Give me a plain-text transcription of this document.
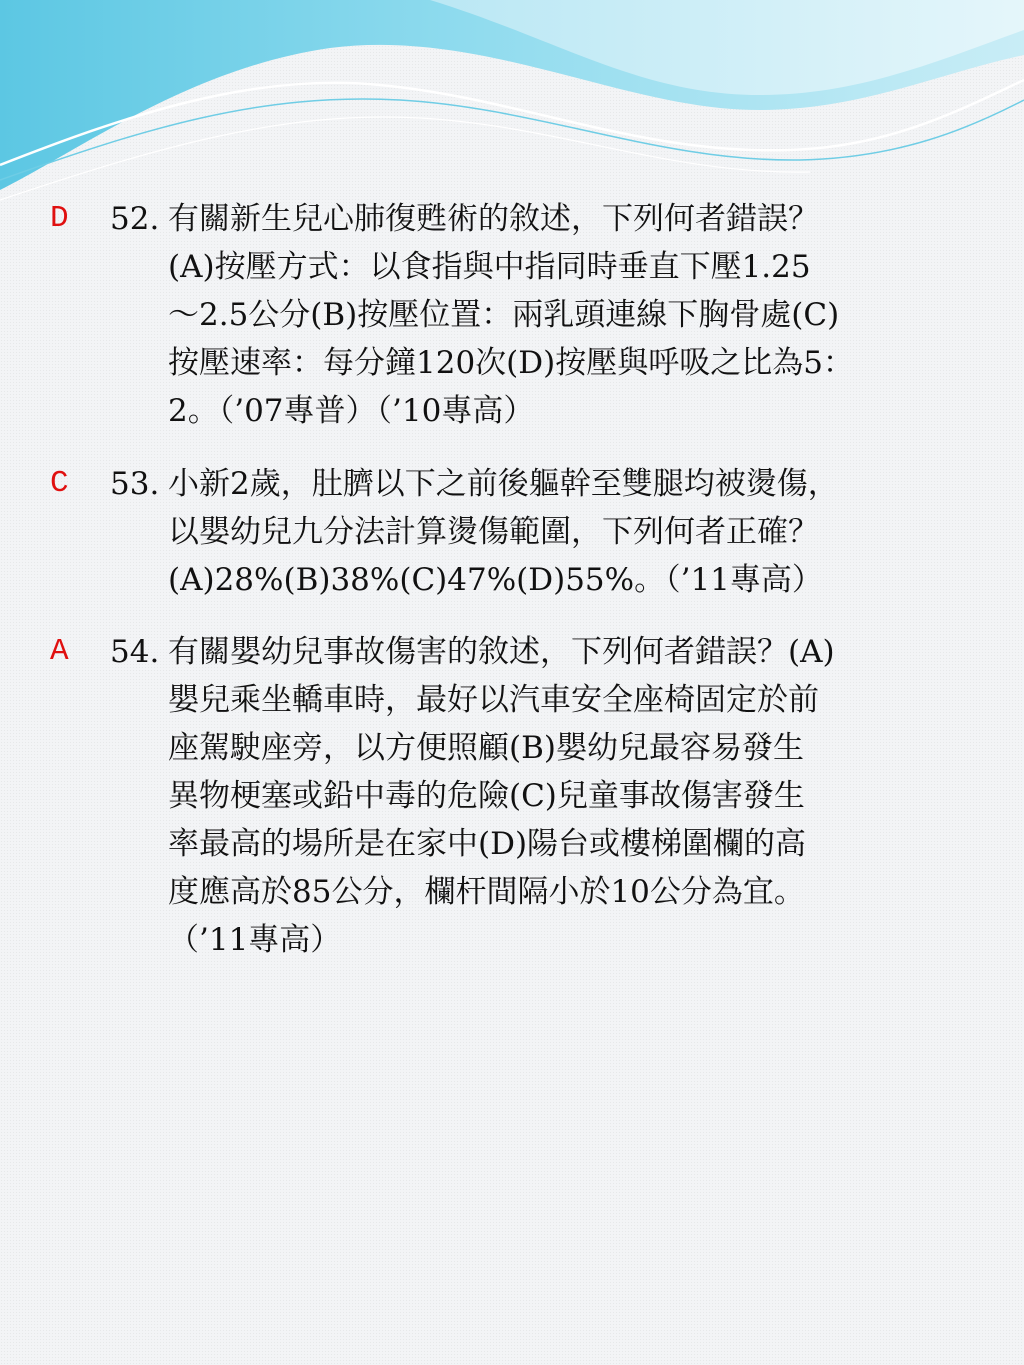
D 52. 有關新生兒心肺復甦術的敘述，下列何者錯誤？
(A)按壓方式：以食指與中指同時垂直下壓1.25
～2.5公分(B)按壓位置：兩乳頭連線下胸骨處(C)
按壓速率：每分鐘120次(D)按壓與呼吸之比為5：
2。（’07專普）（’10專高）

C 53. 小新2歲，肚臍以下之前後軀幹至雙腿均被燙傷，
以嬰幼兒九分法計算燙傷範圍，下列何者正確？
(A)28%(B)38%(C)47%(D)55%。（’11專高）

A 54. 有關嬰幼兒事故傷害的敘述，下列何者錯誤？(A)
嬰兒乘坐轎車時，最好以汽車安全座椅固定於前
座駕駛座旁，以方便照顧(B)嬰幼兒最容易發生
異物梗塞或鉛中毒的危險(C)兒童事故傷害發生
率最高的場所是在家中(D)陽台或樓梯圍欄的高
度應高於85公分，欄杆間隔小於10公分為宜。
（’11專高）
